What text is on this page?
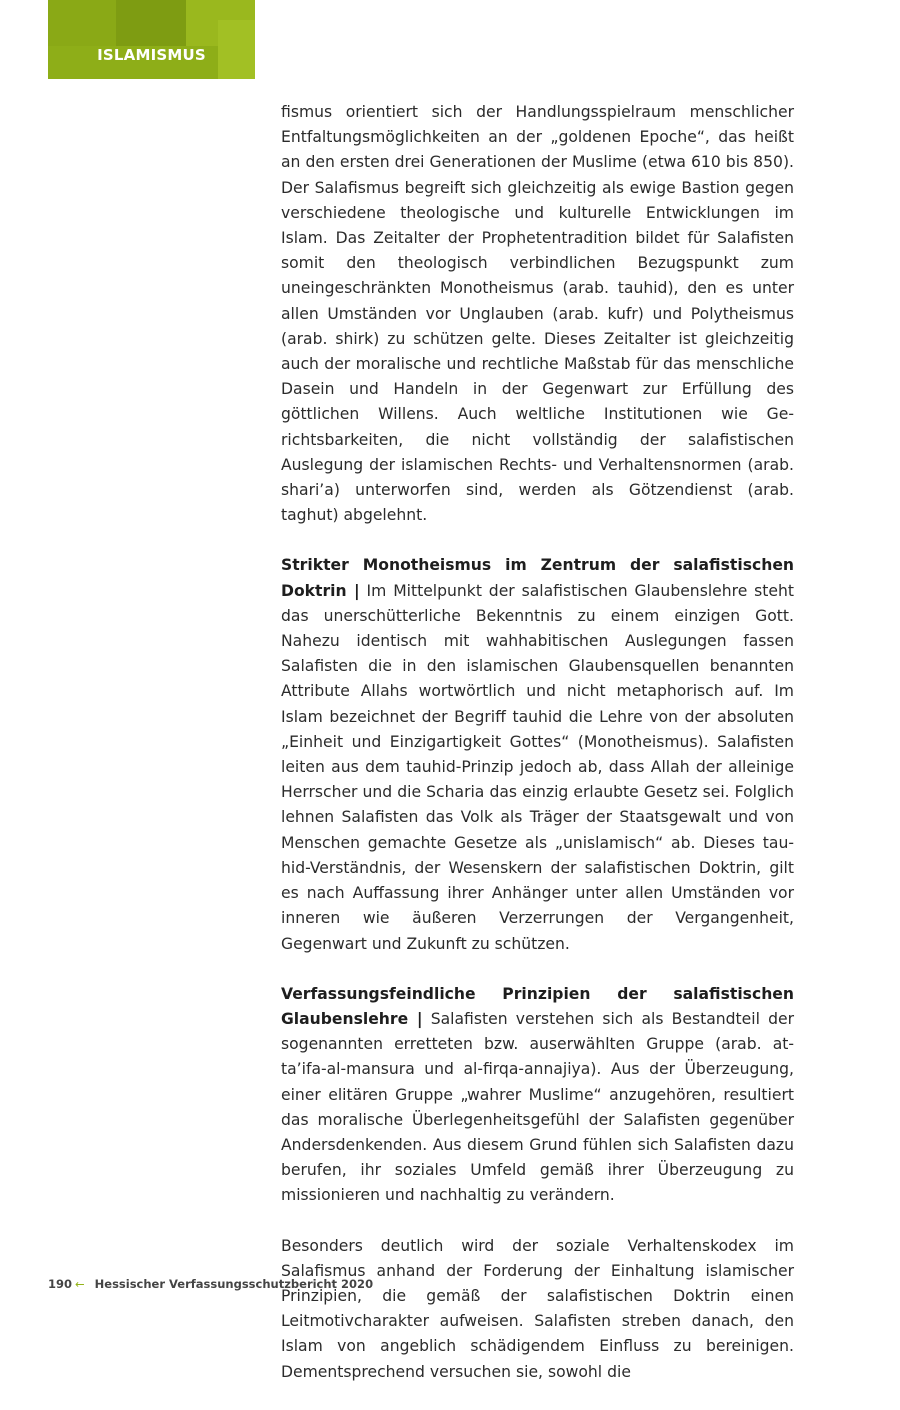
ISLAMISMUS

fismus orientiert sich der Handlungsspielraum menschlicher Entfaltungsmöglichkeiten an der „goldenen Epoche“, das heißt an den ersten drei Generationen der Muslime (etwa 610 bis 850). Der Salafismus begreift sich gleichzeitig als ewige Bastion gegen verschiedene theologische und kulturelle Entwicklungen im Islam. Das Zeitalter der Prophetentradition bildet für Salafisten somit den theologisch verbindlichen Bezugspunkt zum uneingeschränkten Monotheismus (arab. tauhid), den es unter allen Umständen vor Unglauben (arab. kufr) und Polytheismus (arab. shirk) zu schützen gelte. Dieses Zeitalter ist gleichzeitig auch der moralische und rechtliche Maßstab für das menschliche Dasein und Handeln in der Gegenwart zur Erfüllung des göttlichen Willens. Auch weltliche Institutionen wie Gerichtsbarkeiten, die nicht vollständig der salafistischen Auslegung der islamischen Rechts- und Verhaltensnormen (arab. shari’a) unterworfen sind, werden als Götzendienst (arab. taghut) abgelehnt.

Strikter Monotheismus im Zentrum der salafistischen Doktrin | Im Mittelpunkt der salafistischen Glaubenslehre steht das unerschütterliche Bekenntnis zu einem einzigen Gott. Nahezu identisch mit wahhabitischen Auslegungen fassen Salafisten die in den islamischen Glaubensquellen benannten Attribute Allahs wortwörtlich und nicht metaphorisch auf. Im Islam bezeichnet der Begriff tauhid die Lehre von der absoluten „Einheit und Einzigartigkeit Gottes“ (Monotheismus). Salafisten leiten aus dem tauhid-Prinzip jedoch ab, dass Allah der alleinige Herrscher und die Scharia das einzig erlaubte Gesetz sei. Folglich lehnen Salafisten das Volk als Träger der Staatsgewalt und von Menschen gemachte Gesetze als „unislamisch“ ab. Dieses tauhid-Verständnis, der Wesenskern der salafistischen Doktrin, gilt es nach Auffassung ihrer Anhänger unter allen Umständen vor inneren wie äußeren Verzerrungen der Vergangenheit, Gegenwart und Zukunft zu schützen.

Verfassungsfeindliche Prinzipien der salafistischen Glaubenslehre | Salafisten verstehen sich als Bestandteil der sogenannten erretteten bzw. auserwählten Gruppe (arab. at-ta’ifa-al-mansura und al-firqa-annajiya). Aus der Überzeugung, einer elitären Gruppe „wahrer Muslime“ anzugehören, resultiert das moralische Überlegenheitsgefühl der Salafisten gegenüber Andersdenkenden. Aus diesem Grund fühlen sich Salafisten dazu berufen, ihr soziales Umfeld gemäß ihrer Überzeugung zu missionieren und nachhaltig zu verändern.

Besonders deutlich wird der soziale Verhaltenskodex im Salafismus anhand der Forderung der Einhaltung islamischer Prinzipien, die gemäß der salafistischen Doktrin einen Leitmotivcharakter aufweisen. Salafisten streben danach, den Islam von angeblich schädigendem Einfluss zu bereinigen. Dementsprechend versuchen sie, sowohl die

190 ← Hessischer Verfassungsschutzbericht 2020
